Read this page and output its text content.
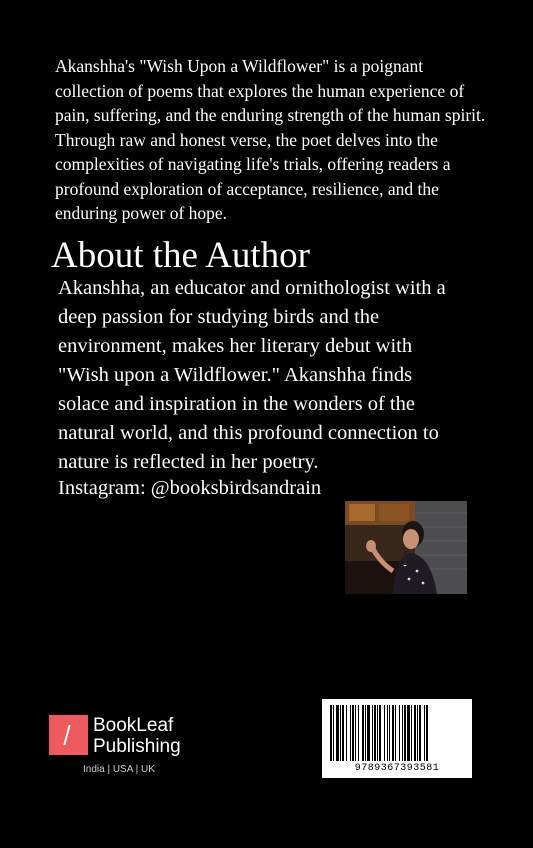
Akanshha's "Wish Upon a Wildflower" is a poignant collection of poems that explores the human experience of pain, suffering, and the enduring strength of the human spirit. Through raw and honest verse, the poet delves into the complexities of navigating life's trials, offering readers a profound exploration of acceptance, resilience, and the enduring power of hope.

About the Author

Akanshha, an educator and ornithologist with a deep passion for studying birds and the environment, makes her literary debut with "Wish upon a Wildflower." Akanshha finds solace and inspiration in the wonders of the natural world, and this profound connection to nature is reflected in her poetry.

Instagram: @booksbirdsandrain
BookLeaf
Publishing
India | USA | UK	9789367393581
